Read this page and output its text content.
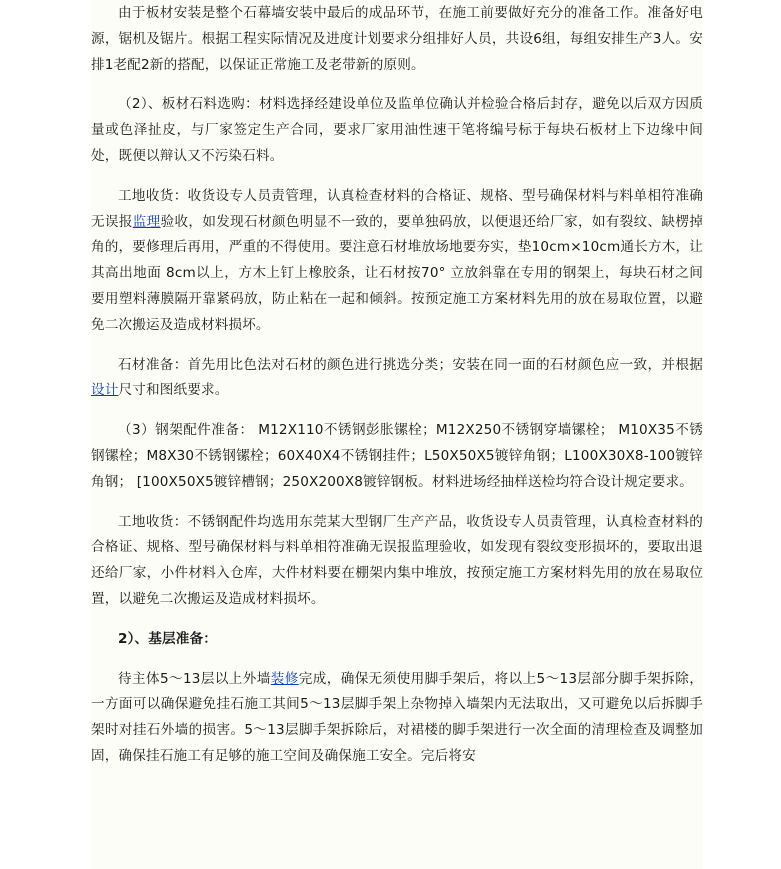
由于板材安装是整个石幕墙安装中最后的成品环节，在施工前要做好充分的准备工作。准备好电源，锯机及锯片。根据工程实际情况及进度计划要求分组排好人员，共设6组，每组安排生产3人。安排1老配2新的搭配，以保证正常施工及老带新的原则。

（2）、板材石料选购：材料选择经建设单位及监单位确认并检验合格后封存，避免以后双方因质量或色泽扯皮，与厂家签定生产合同，要求厂家用油性速干笔将编号标于每块石板材上下边缘中间处，既便以辩认又不污染石料。

工地收货：收货设专人员责管理，认真检查材料的合格证、规格、型号确保材料与料单相符准确无误报监理验收，如发现石材颜色明显不一致的，要单独码放，以便退还给厂家，如有裂纹、缺楞掉角的，要修理后再用，严重的不得使用。要注意石材堆放场地要夯实，垫10cm×10cm通长方木，让其高出地面 8cm以上，方木上钉上橡胶条，让石材按70° 立放斜靠在专用的钢架上，每块石材之间要用塑料薄膜隔开靠紧码放，防止粘在一起和倾斜。按预定施工方案材料先用的放在易取位置，以避免二次搬运及造成材料损坏。

石材准备：首先用比色法对石材的颜色进行挑选分类；安装在同一面的石材颜色应一致，并根据设计尺寸和图纸要求。

（3）钢架配件准备： M12X110不锈钢彭胀镙栓；M12X250不锈钢穿墙镙栓； M10X35不锈钢镙栓；M8X30不锈钢镙栓；60X40X4不锈钢挂件；L50X50X5镀锌角钢；L100X30X8-100镀锌角钢； [100X50X5镀锌槽钢；250X200X8镀锌钢板。材料进场经抽样送检均符合设计规定要求。

工地收货：不锈钢配件均选用东莞某大型钢厂生产产品，收货设专人员责管理，认真检查材料的合格证、规格、型号确保材料与料单相符准确无误报监理验收，如发现有裂纹变形损坏的，要取出退还给厂家，小件材料入仓库，大件材料要在棚架内集中堆放，按预定施工方案材料先用的放在易取位置，以避免二次搬运及造成材料损坏。

2）、基层准备：

待主体5～13层以上外墙装修完成，确保无须使用脚手架后，将以上5～13层部分脚手架拆除，一方面可以确保避免挂石施工其间5～13层脚手架上杂物掉入墙架内无法取出，又可避免以后拆脚手架时对挂石外墙的损害。5～13层脚手架拆除后，对裙楼的脚手架进行一次全面的清理检查及调整加固，确保挂石施工有足够的施工空间及确保施工安全。完后将安
